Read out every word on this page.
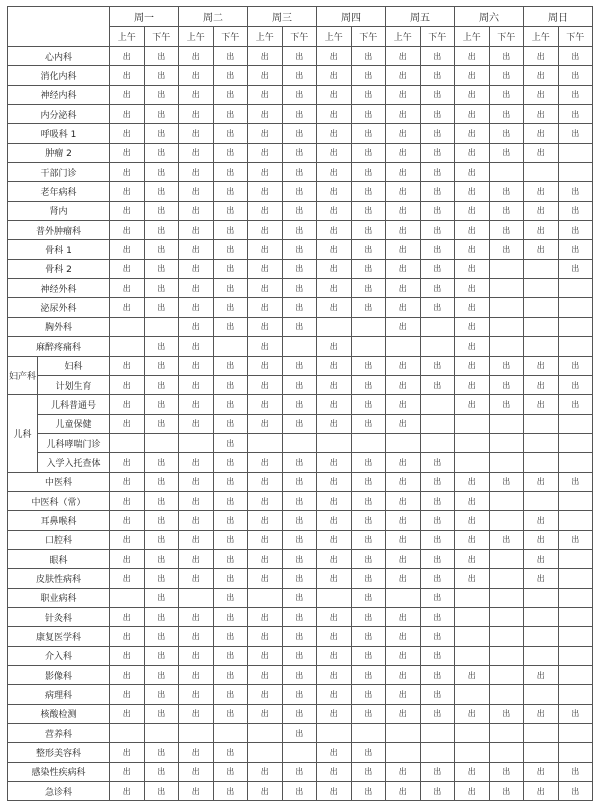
		周一		周二		周三		周四		周五		周六		周日	
		上午	下午	上午	下午	上午	下午	上午	下午	上午	下午	上午	下午	上午	下午
心内科		出	出	出	出	出	出	出	出	出	出	出	出	出	出
消化内科		出	出	出	出	出	出	出	出	出	出	出	出	出	出
神经内科		出	出	出	出	出	出	出	出	出	出	出	出	出	出
内分泌科		出	出	出	出	出	出	出	出	出	出	出	出	出	出
呼吸科 1		出	出	出	出	出	出	出	出	出	出	出	出	出	出
肿瘤 2		出	出	出	出	出	出	出	出	出	出	出	出	出	
干部门诊		出	出	出	出	出	出	出	出	出	出	出			
老年病科		出	出	出	出	出	出	出	出	出	出	出	出	出	出
肾内		出	出	出	出	出	出	出	出	出	出	出	出	出	出
普外肿瘤科		出	出	出	出	出	出	出	出	出	出	出	出	出	出
骨科 1		出	出	出	出	出	出	出	出	出	出	出	出	出	出
骨科 2		出	出	出	出	出	出	出	出	出	出	出			出
神经外科		出	出	出	出	出	出	出	出	出	出	出			
泌尿外科		出	出	出	出	出	出	出	出	出	出	出			
胸外科				出	出	出	出			出		出			
麻醉疼痛科			出	出		出		出				出			
妇产科	妇科	出	出	出	出	出	出	出	出	出	出	出	出	出	出
	计划生育	出	出	出	出	出	出	出	出	出	出	出	出	出	出
儿科	儿科普通号	出	出	出	出	出	出	出	出	出		出	出	出	出
	儿童保健	出	出	出	出	出	出	出	出	出					
	儿科哮喘门诊				出										
	入学入托查体	出	出	出	出	出	出	出	出	出	出				
中医科		出	出	出	出	出	出	出	出	出	出	出	出	出	出
中医科（常）		出	出	出	出	出	出	出	出	出	出	出			
耳鼻喉科		出	出	出	出	出	出	出	出	出	出	出		出	
口腔科		出	出	出	出	出	出	出	出	出	出	出	出	出	出
眼科		出	出	出	出	出	出	出	出	出	出	出		出	
皮肤性病科		出	出	出	出	出	出	出	出	出	出	出		出	
职业病科			出		出		出		出		出				
针灸科		出	出	出	出	出	出	出	出	出	出				
康复医学科		出	出	出	出	出	出	出	出	出	出				
介入科		出	出	出	出	出	出	出	出	出	出				
影像科		出	出	出	出	出	出	出	出	出	出	出		出	
病理科		出	出	出	出	出	出	出	出	出	出				
核酸检测		出	出	出	出	出	出	出	出	出	出	出	出	出	出
营养科							出								
整形美容科		出	出	出	出			出	出						
感染性疾病科		出	出	出	出	出	出	出	出	出	出	出	出	出	出
急诊科		出	出	出	出	出	出	出	出	出	出	出	出	出	出
